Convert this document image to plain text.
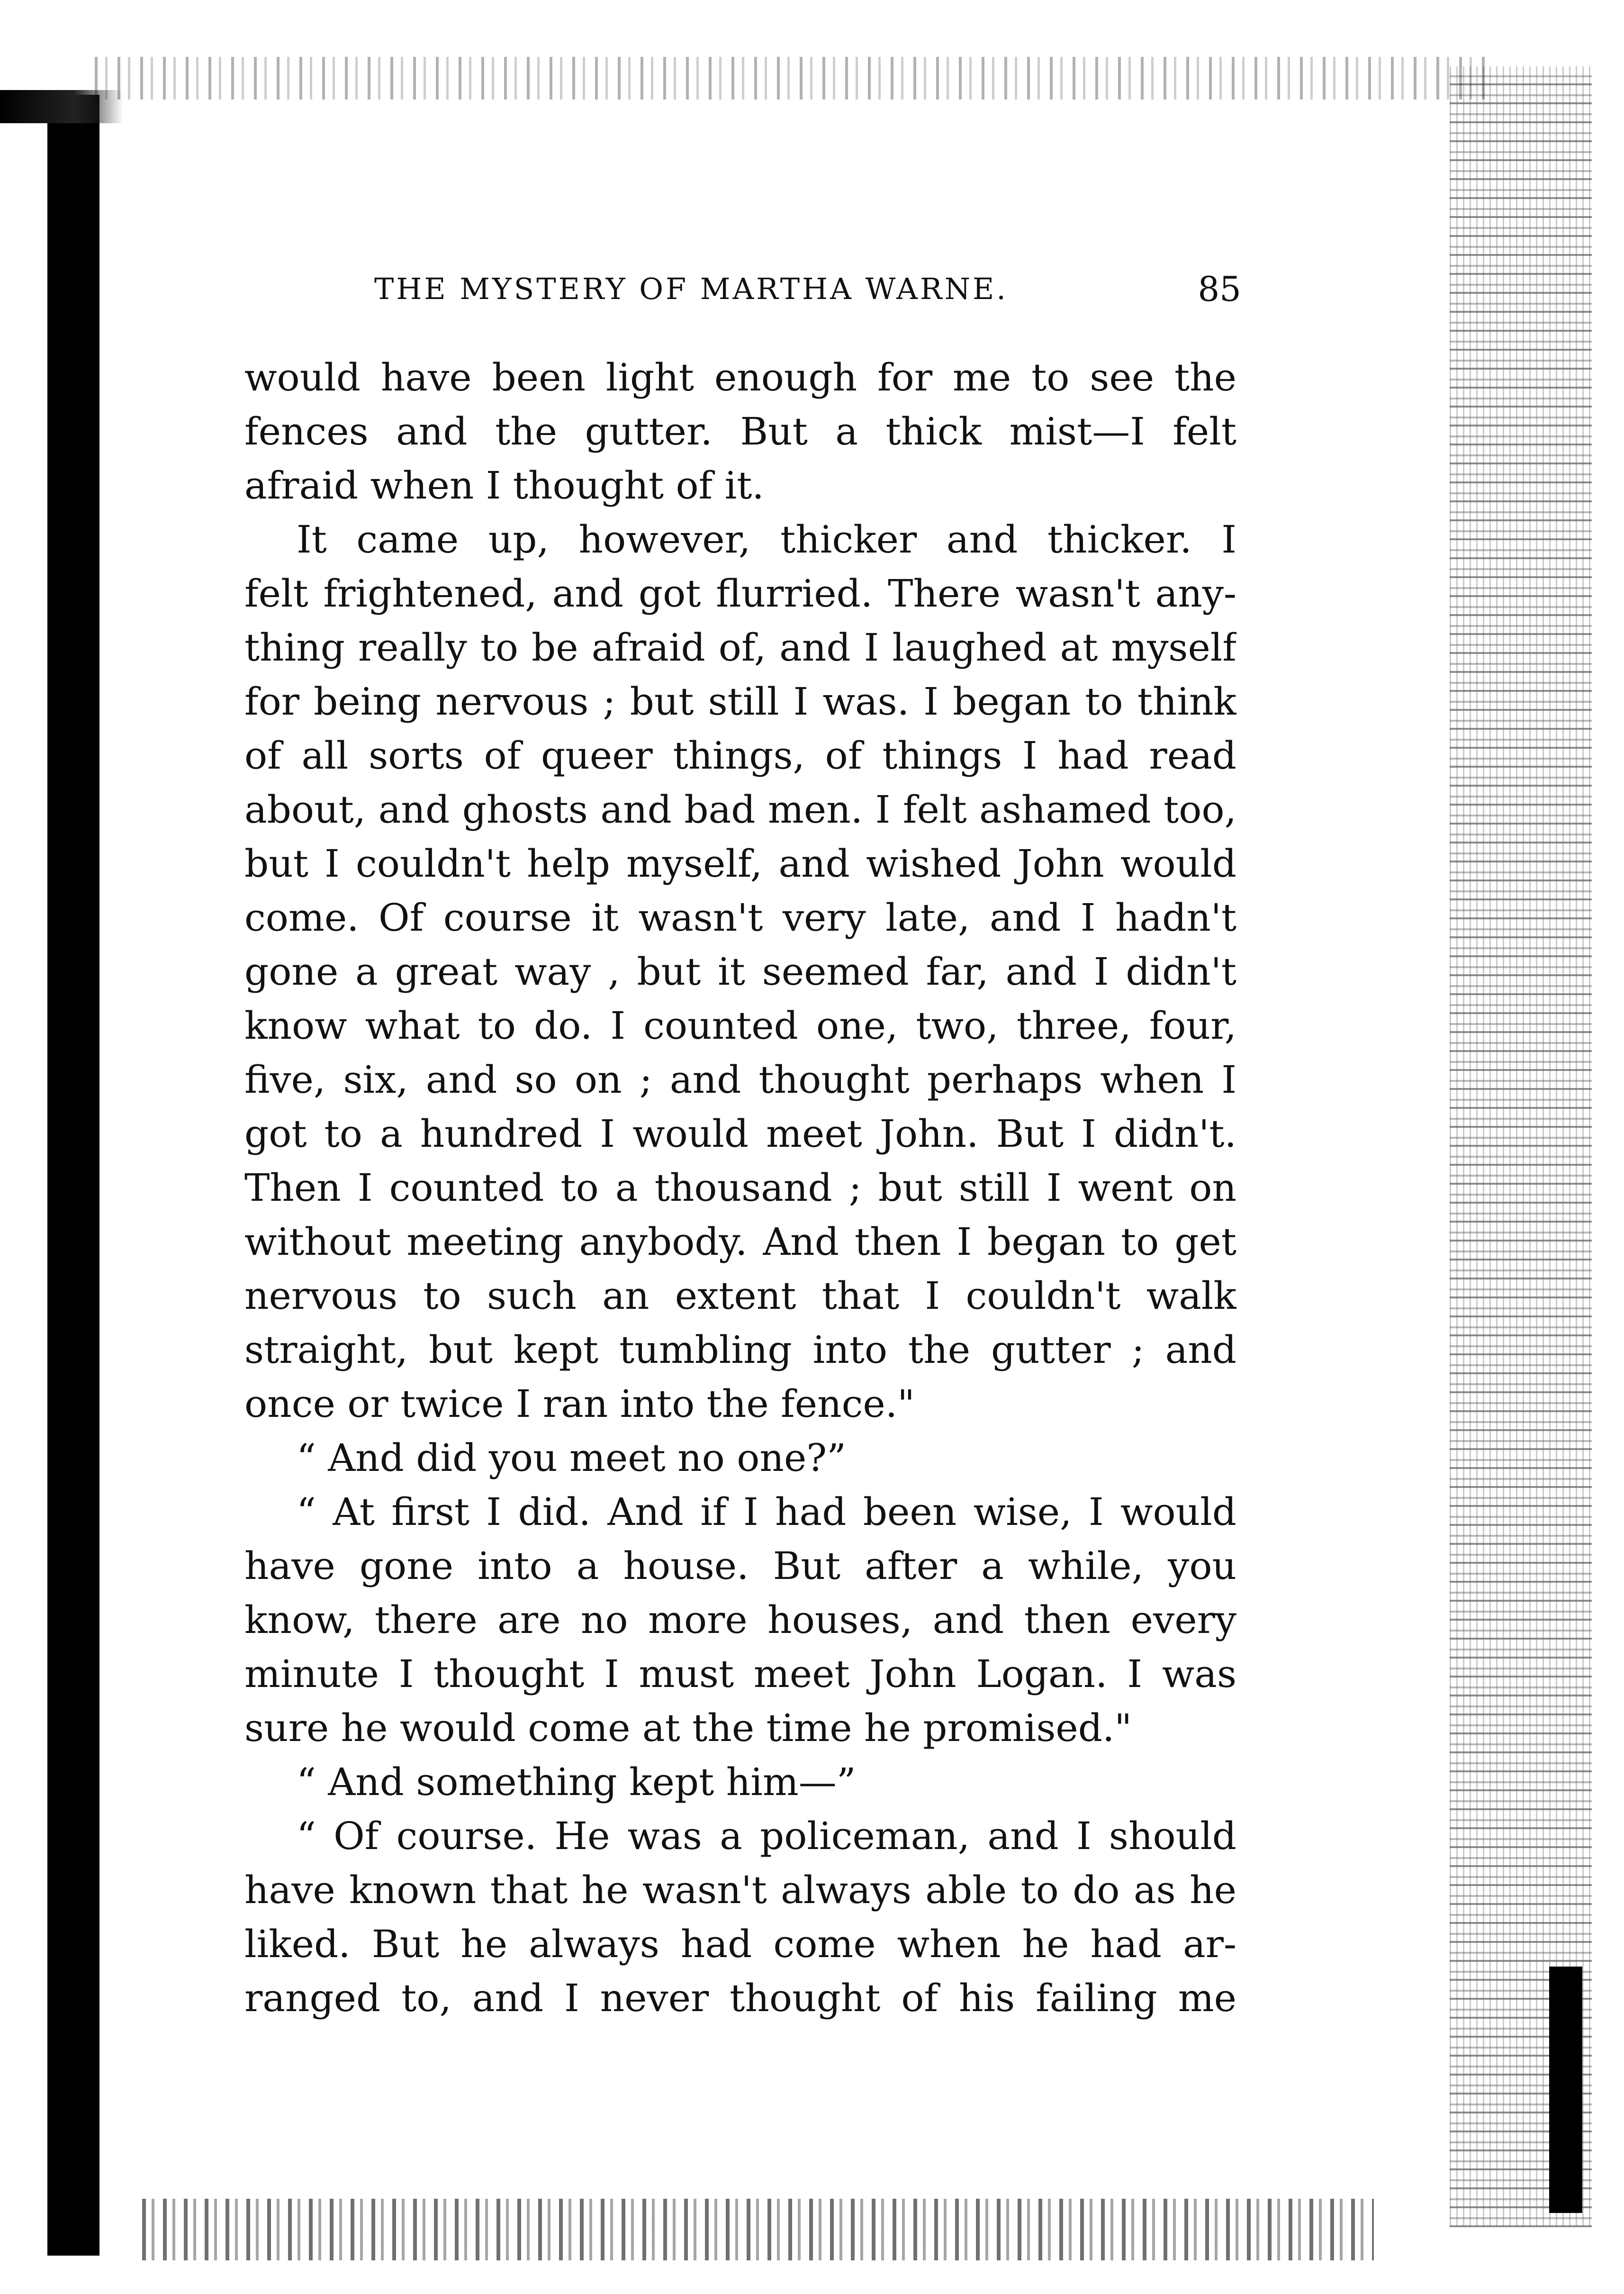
THE MYSTERY OF MARTHA WARNE.	85
would have been light enough for me to see the
fences and the gutter. But a thick mist—I felt
afraid when I thought of it.
It came up, however, thicker and thicker. I
felt frightened, and got flurried. There wasn't any-
thing really to be afraid of, and I laughed at myself
for being nervous ; but still I was. I began to think
of all sorts of queer things, of things I had read
about, and ghosts and bad men. I felt ashamed too,
but I couldn't help myself, and wished John would
come. Of course it wasn't very late, and I hadn't
gone a great way , but it seemed far, and I didn't
know what to do. I counted one, two, three, four,
five, six, and so on ; and thought perhaps when I
got to a hundred I would meet John. But I didn't.
Then I counted to a thousand ; but still I went on
without meeting anybody. And then I began to get
nervous to such an extent that I couldn't walk
straight, but kept tumbling into the gutter ; and
once or twice I ran into the fence."
“ And did you meet no one?”
“ At first I did. And if I had been wise, I would
have gone into a house. But after a while, you
know, there are no more houses, and then every
minute I thought I must meet John Logan. I was
sure he would come at the time he promised."
“ And something kept him—”
“ Of course. He was a policeman, and I should
have known that he wasn't always able to do as he
liked. But he always had come when he had ar-
ranged to, and I never thought of his failing me
